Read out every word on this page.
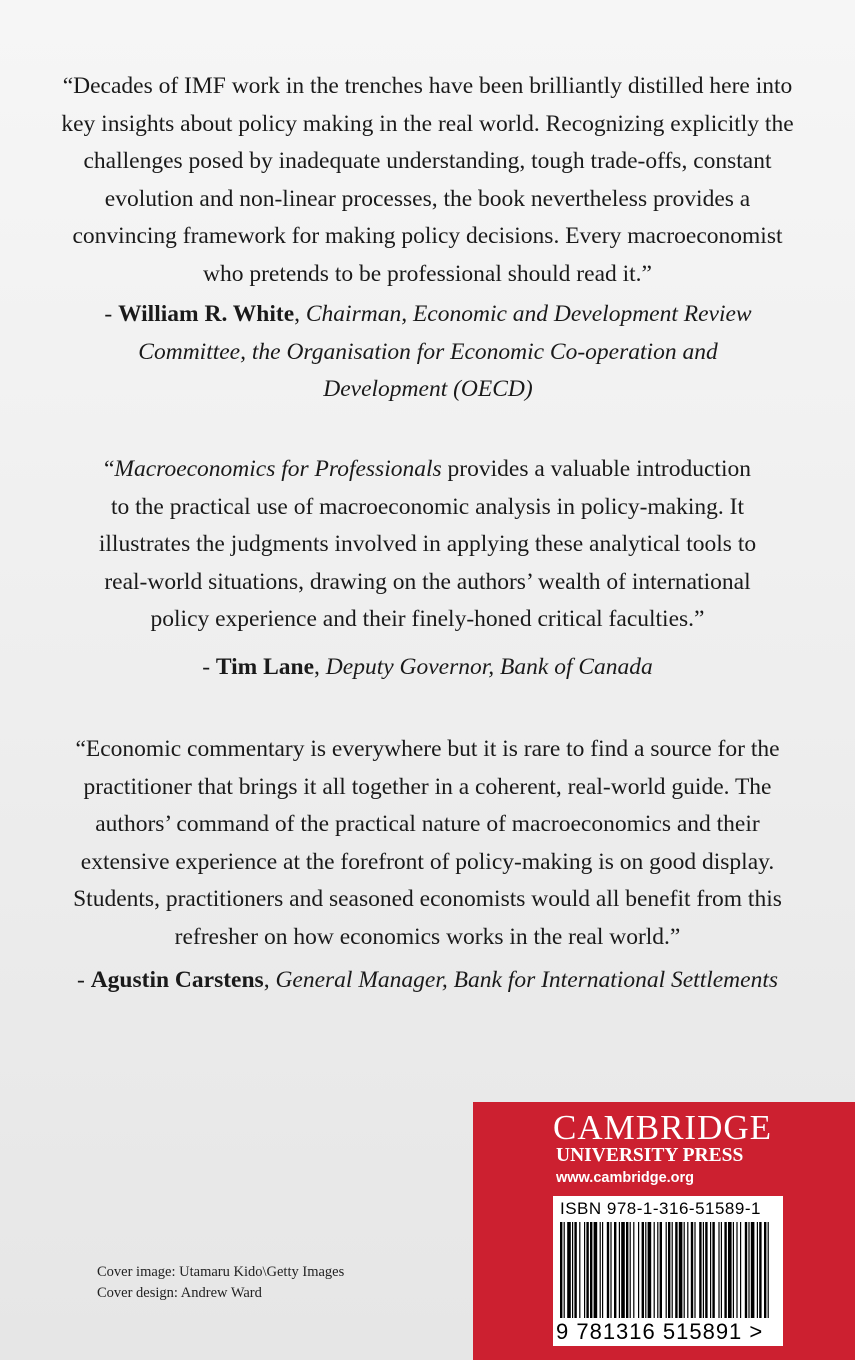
“Decades of IMF work in the trenches have been brilliantly distilled here into key insights about policy making in the real world. Recognizing explicitly the challenges posed by inadequate understanding, tough trade-offs, constant evolution and non-linear processes, the book nevertheless provides a convincing framework for making policy decisions. Every macroeconomist who pretends to be professional should read it.”

- William R. White, Chairman, Economic and Development Review Committee, the Organisation for Economic Co-operation and Development (OECD)

“Macroeconomics for Professionals provides a valuable introduction to the practical use of macroeconomic analysis in policy-making. It illustrates the judgments involved in applying these analytical tools to real-world situations, drawing on the authors’ wealth of international policy experience and their finely-honed critical faculties.”

- Tim Lane, Deputy Governor, Bank of Canada

“Economic commentary is everywhere but it is rare to find a source for the practitioner that brings it all together in a coherent, real-world guide. The authors’ command of the practical nature of macroeconomics and their extensive experience at the forefront of policy-making is on good display. Students, practitioners and seasoned economists would all benefit from this refresher on how economics works in the real world.”

- Agustin Carstens, General Manager, Bank for International Settlements

Cover image: Utamaru Kido\Getty Images
Cover design: Andrew Ward
CAMBRIDGE
UNIVERSITY PRESS
www.cambridge.org
ISBN 978-1-316-51589-1
9 781316 515891 >
